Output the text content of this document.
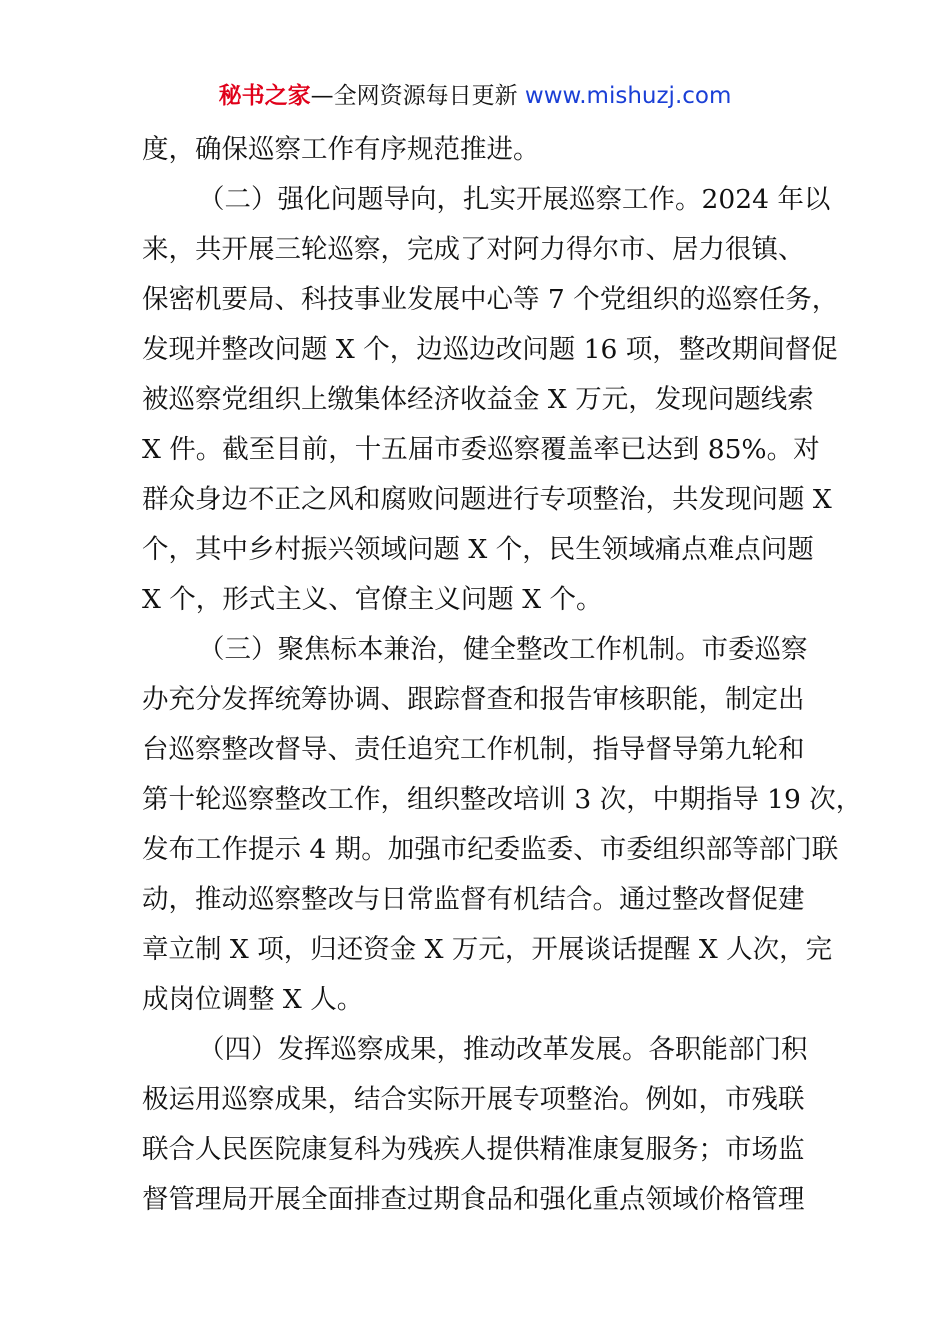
秘书之家—全网资源每日更新 www.mishuzj.com
度，确保巡察工作有序规范推进。
（二）强化问题导向，扎实开展巡察工作。2024 年以
来，共开展三轮巡察，完成了对阿力得尔市、居力很镇、
保密机要局、科技事业发展中心等 7 个党组织的巡察任务，
发现并整改问题 X 个，边巡边改问题 16 项，整改期间督促
被巡察党组织上缴集体经济收益金 X 万元，发现问题线索
X 件。截至目前，十五届市委巡察覆盖率已达到 85%。对
群众身边不正之风和腐败问题进行专项整治，共发现问题 X
个，其中乡村振兴领域问题 X 个，民生领域痛点难点问题
X 个，形式主义、官僚主义问题 X 个。
（三）聚焦标本兼治，健全整改工作机制。市委巡察
办充分发挥统筹协调、跟踪督查和报告审核职能，制定出
台巡察整改督导、责任追究工作机制，指导督导第九轮和
第十轮巡察整改工作，组织整改培训 3 次，中期指导 19 次，
发布工作提示 4 期。加强市纪委监委、市委组织部等部门联
动，推动巡察整改与日常监督有机结合。通过整改督促建
章立制 X 项，归还资金 X 万元，开展谈话提醒 X 人次，完
成岗位调整 X 人。
（四）发挥巡察成果，推动改革发展。各职能部门积
极运用巡察成果，结合实际开展专项整治。例如，市残联
联合人民医院康复科为残疾人提供精准康复服务；市场监
督管理局开展全面排查过期食品和强化重点领域价格管理
